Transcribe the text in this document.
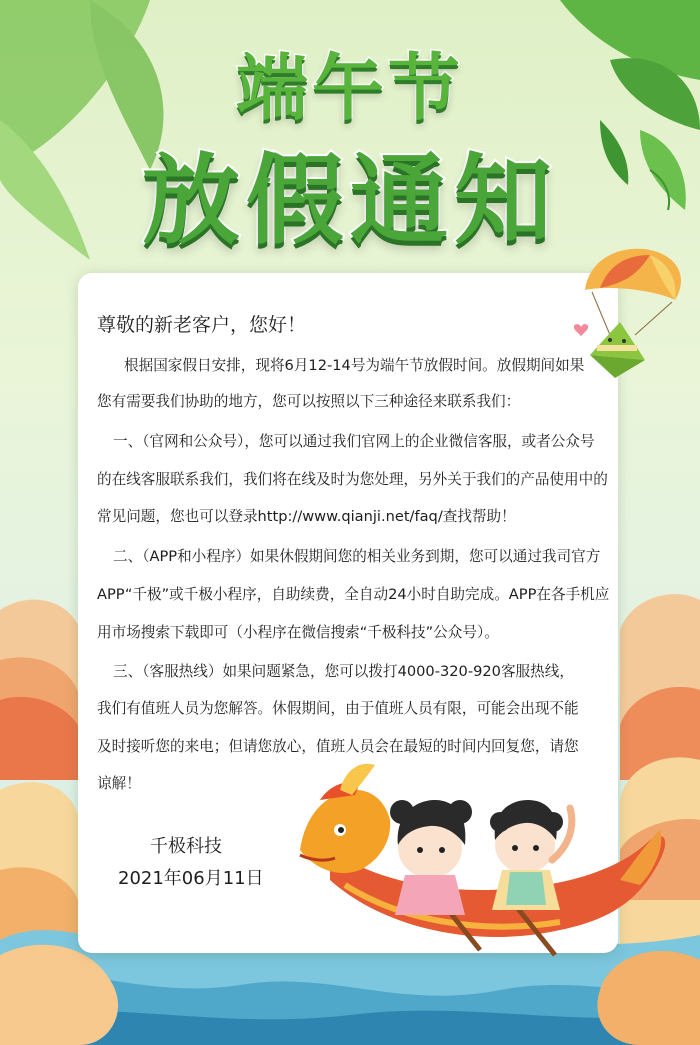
端午节
放假通知
尊敬的新老客户，您好！
根据国家假日安排，现将6月12-14号为端午节放假时间。放假期间如果
您有需要我们协助的地方，您可以按照以下三种途径来联系我们：
一、（官网和公众号），您可以通过我们官网上的企业微信客服，或者公众号
的在线客服联系我们，我们将在线及时为您处理，另外关于我们的产品使用中的
常见问题，您也可以登录http://www.qianji.net/faq/查找帮助！
二、（APP和小程序）如果休假期间您的相关业务到期，您可以通过我司官方
APP“千极”或千极小程序，自助续费，全自动24小时自助完成。APP在各手机应
用市场搜索下载即可（小程序在微信搜索“千极科技”公众号）。
三、（客服热线）如果问题紧急，您可以拨打4000-320-920客服热线，
我们有值班人员为您解答。休假期间，由于值班人员有限，可能会出现不能
及时接听您的来电；但请您放心，值班人员会在最短的时间内回复您，请您
谅解！
千极科技
2021年06月11日
